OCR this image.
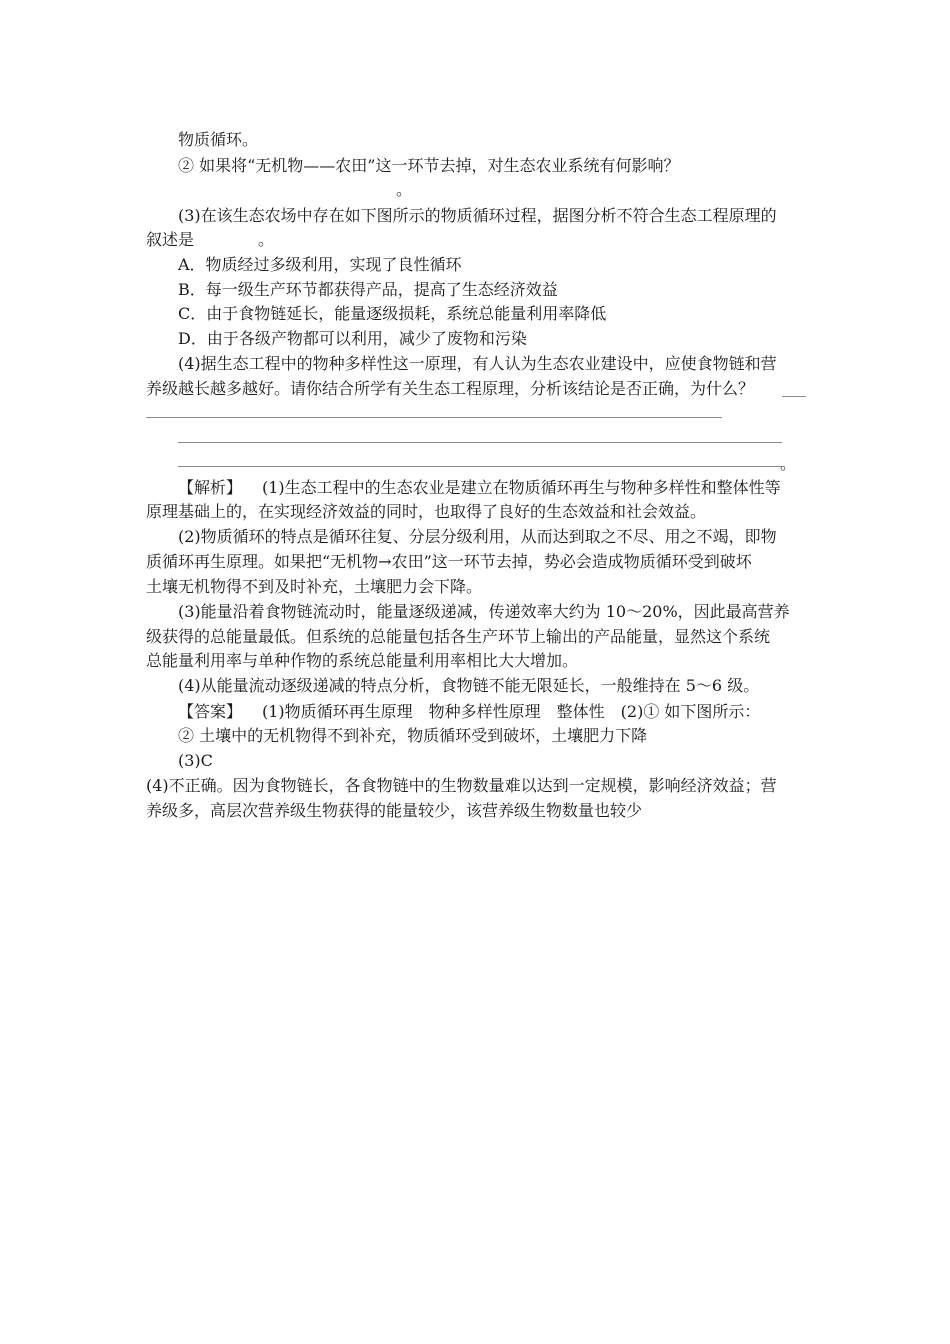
物质循环。
② 如果将“无机物——农田”这一环节去掉，对生态农业系统有何影响？
。
(3)在该生态农场中存在如下图所示的物质循环过程，据图分析不符合生态工程原理的
叙述是　　　　。
A．物质经过多级利用，实现了良性循环
B．每一级生产环节都获得产品，提高了生态经济效益
C．由于食物链延长，能量逐级损耗，系统总能量利用率降低
D．由于各级产物都可以利用，减少了废物和污染
(4)据生态工程中的物种多样性这一原理，有人认为生态农业建设中，应使食物链和营
养级越长越多越好。请你结合所学有关生态工程原理，分析该结论是否正确，为什么？
。
【解析】 (1)生态工程中的生态农业是建立在物质循环再生与物种多样性和整体性等
原理基础上的，在实现经济效益的同时，也取得了良好的生态效益和社会效益。
(2)物质循环的特点是循环往复、分层分级利用，从而达到取之不尽、用之不竭，即物
质循环再生原理。如果把“无机物→农田”这一环节去掉，势必会造成物质循环受到破坏
土壤无机物得不到及时补充，土壤肥力会下降。
(3)能量沿着食物链流动时，能量逐级递减，传递效率大约为 10～20%，因此最高营养
级获得的总能量最低。但系统的总能量包括各生产环节上输出的产品能量，显然这个系统
总能量利用率与单种作物的系统总能量利用率相比大大增加。
(4)从能量流动逐级递减的特点分析，食物链不能无限延长，一般维持在 5～6 级。
【答案】 (1)物质循环再生原理　物种多样性原理　整体性　(2)① 如下图所示：
② 土壤中的无机物得不到补充，物质循环受到破坏，土壤肥力下降
(3)C
(4)不正确。因为食物链长，各食物链中的生物数量难以达到一定规模，影响经济效益；营
养级多，高层次营养级生物获得的能量较少，该营养级生物数量也较少
